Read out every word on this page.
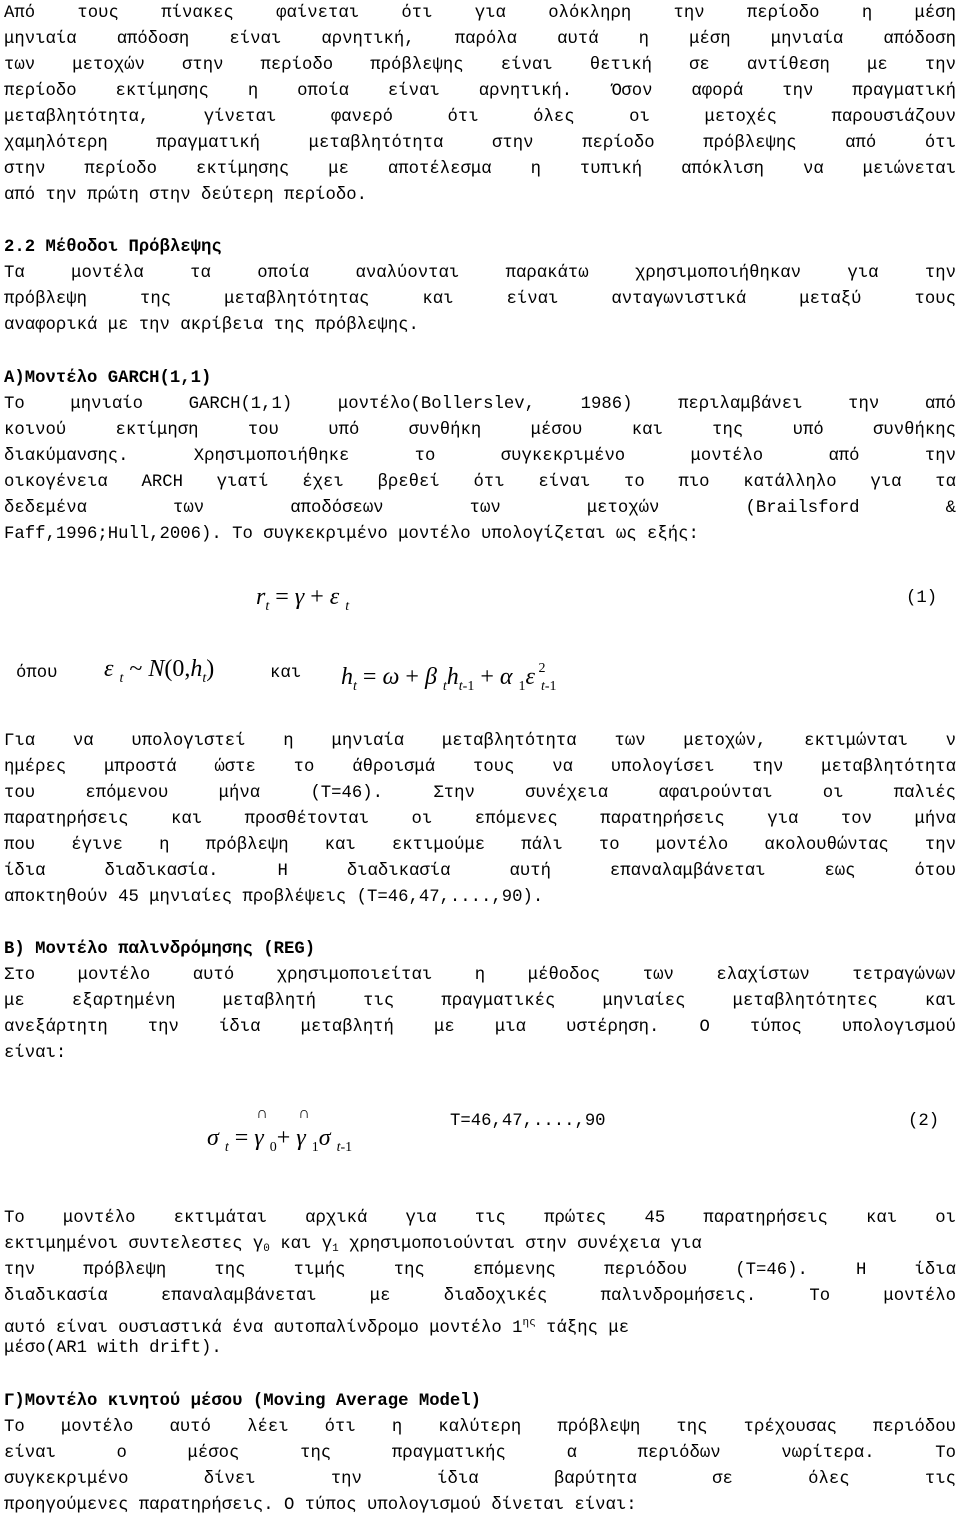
Από τους πίνακες φαίνεται ότι για ολόκληρη την περίοδο η μέση
μηνιαία απόδοση είναι αρνητική, παρόλα αυτά η μέση μηνιαία απόδοση
των μετοχών στην περίοδο πρόβλεψης είναι θετική σε αντίθεση με την
περίοδο εκτίμησης η οποία είναι αρνητική. Όσον αφορά την πραγματική
μεταβλητότητα, γίνεται φανερό ότι όλες οι μετοχές παρουσιάζουν
χαμηλότερη πραγματική μεταβλητότητα στην περίοδο πρόβλεψης από ότι
στην περίοδο εκτίμησης με αποτέλεσμα η τυπική απόκλιση να μειώνεται
από την πρώτη στην δεύτερη περίοδο.
2.2 Μέθοδοι Πρόβλεψης
Τα μοντέλα τα οποία αναλύονται παρακάτω χρησιμοποιήθηκαν για την
πρόβλεψη της μεταβλητότητας και είναι ανταγωνιστικά μεταξύ τους
αναφορικά με την ακρίβεια της πρόβλεψης.
Α)Μοντέλο GARCH(1,1)
Το μηνιαίο GARCH(1,1) μοντέλο(Bollerslev, 1986) περιλαμβάνει την από
κοινού εκτίμηση του υπό συνθήκη μέσου και της υπό συνθήκης
διακύμανσης. Χρησιμοποιήθηκε το συγκεκριμένο μοντέλο από την
οικογένεια ARCH γιατί έχει βρεθεί ότι είναι το πιο κατάλληλο για τα
δεδεμένα των αποδόσεων των μετοχών (Brailsford &
Faff,1996;Hull,2006). Το συγκεκριμένο μοντέλο υπολογίζεται ως εξής:
$r_t = \gamma + \varepsilon$ $_t$	(1)
όπου ε $_t$ ~ $N(0,h_t)$	και $h_t = \omega + \beta$ $_th_{t-1} + \alpha$ $_1$ε $_{t-1}^2$
Για να υπολογιστεί η μηνιαία μεταβλητότητα των μετοχών, εκτιμώνται ν
ημέρες μπροστά ώστε το άθροισμά τους να υπολογίσει την μεταβλητότητα
του επόμενου μήνα (Τ=46). Στην συνέχεια αφαιρούνται οι παλιές
παρατηρήσεις και προσθέτονται οι επόμενες παρατηρήσεις για τον μήνα
που έγινε η πρόβλεψη και εκτιμούμε πάλι το μοντέλο ακολουθώντας την
ίδια διαδικασία. Η διαδικασία αυτή επαναλαμβάνεται εως ότου
αποκτηθούν 45 μηνιαίες προβλέψεις (Τ=46,47,....,90).
Β) Μοντέλο παλινδρόμησης (REG)
Στο μοντέλο αυτό χρησιμοποιείται η μέθοδος των ελαχίστων τετραγώνων
με εξαρτημένη μεταβλητή τις πραγματικές μηνιαίες μεταβλητότητες και
ανεξάρτητη την ίδια μεταβλητή με μια υστέρηση. Ο τύπος υπολογισμού
είναι:
σ $_t$ =
∩
γ $_0$+
∩
γ $_1$σ $_{t-1}$
T=46,47,....,90	(2)
Το μοντέλο εκτιμάται αρχικά για τις πρώτες 45 παρατηρήσεις και οι
εκτιμημένοι συντελεστες γ0 και γ1 χρησιμοποιούνται στην συνέχεια για
την πρόβλεψη της τιμής της επόμενης περιόδου (Τ=46). Η ίδια
διαδικασία επαναλαμβάνεται με διαδοχικές παλινδρομήσεις. Το μοντέλο
αυτό είναι ουσιαστικά ένα αυτοπαλίνδρομο μοντέλο $1^{\eta\varsigma}$ τάξης με
μέσο(AR1 with drift).
Γ)Μοντέλο κινητού μέσου (Moving Average Model)
Το μοντέλο αυτό λέει ότι η καλύτερη πρόβλεψη της τρέχουσας περιόδου
είναι ο μέσος της πραγματικής α περιόδων νωρίτερα. Το
συγκεκριμένο δίνει την ίδια βαρύτητα σε όλες τις
προηγούμενες παρατηρήσεις. Ο τύπος υπολογισμού δίνεται είναι:
